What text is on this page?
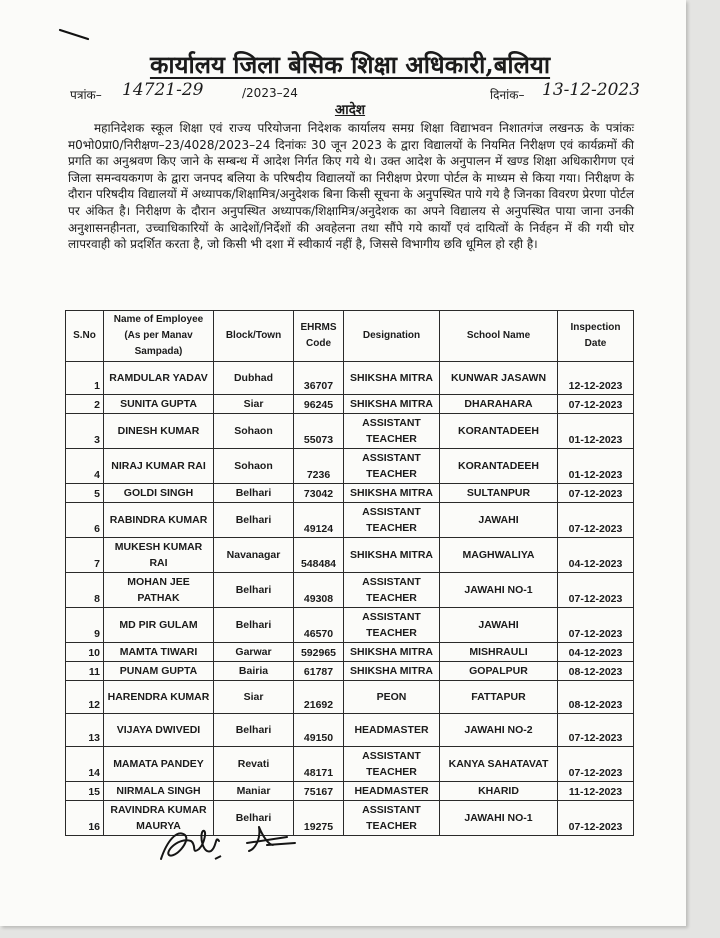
कार्यालय जिला बेसिक शिक्षा अधिकारी,बलिया
पत्रांक– 14721-29	/2023–24	दिनांक– 13-12-2023
आदेश

महानिदेशक स्कूल शिक्षा एवं राज्य परियोजना निदेशक कार्यालय समग्र शिक्षा विद्याभवन निशातगंज लखनऊ के पत्रांकः म0भो0प्रा0/निरीक्षण–23/4028/2023–24 दिनांकः 30 जून 2023 के द्वारा विद्यालयों के नियमित निरीक्षण एवं कार्यक्रमों की प्रगति का अनुश्रवण किए जाने के सम्बन्ध में आदेश निर्गत किए गये थे। उक्त आदेश के अनुपालन में खण्ड शिक्षा अधिकारीगण एवं जिला समन्वयकगण के द्वारा जनपद बलिया के परिषदीय विद्यालयों का निरीक्षण प्रेरणा पोर्टल के माध्यम से किया गया। निरीक्षण के दौरान परिषदीय विद्यालयों में अध्यापक/शिक्षामित्र/अनुदेशक बिना किसी सूचना के अनुपस्थित पाये गये है जिनका विवरण प्रेरणा पोर्टल पर अंकित है। निरीक्षण के दौरान अनुपस्थित अध्यापक/शिक्षामित्र/अनुदेशक का अपने विद्यालय से अनुपस्थित पाया जाना उनकी अनुशासनहीनता, उच्चाधिकारियों के आदेशों/निर्देशों की अवहेलना तथा सौंपे गये कार्यों एवं दायित्वों के निर्वहन में की गयी घोर लापरवाही को प्रदर्शित करता है, जो किसी भी दशा में स्वीकार्य नहीं है, जिससे विभागीय छवि धूमिल हो रही है।

S.No	Name of Employee (As per Manav Sampada)	Block/Town	EHRMS Code	Designation	School Name	Inspection Date
1	RAMDULAR YADAV	Dubhad	36707	SHIKSHA MITRA	KUNWAR JASAWN	12-12-2023
2	SUNITA GUPTA	Siar	96245	SHIKSHA MITRA	DHARAHARA	07-12-2023
3	DINESH KUMAR	Sohaon	55073	ASSISTANT TEACHER	KORANTADEEH	01-12-2023
4	NIRAJ KUMAR RAI	Sohaon	7236	ASSISTANT TEACHER	KORANTADEEH	01-12-2023
5	GOLDI SINGH	Belhari	73042	SHIKSHA MITRA	SULTANPUR	07-12-2023
6	RABINDRA KUMAR	Belhari	49124	ASSISTANT TEACHER	JAWAHI	07-12-2023
7	MUKESH KUMAR RAI	Navanagar	548484	SHIKSHA MITRA	MAGHWALIYA	04-12-2023
8	MOHAN JEE PATHAK	Belhari	49308	ASSISTANT TEACHER	JAWAHI NO-1	07-12-2023
9	MD PIR GULAM	Belhari	46570	ASSISTANT TEACHER	JAWAHI	07-12-2023
10	MAMTA TIWARI	Garwar	592965	SHIKSHA MITRA	MISHRAULI	04-12-2023
11	PUNAM GUPTA	Bairia	61787	SHIKSHA MITRA	GOPALPUR	08-12-2023
12	HARENDRA KUMAR	Siar	21692	PEON	FATTAPUR	08-12-2023
13	VIJAYA DWIVEDI	Belhari	49150	HEADMASTER	JAWAHI NO-2	07-12-2023
14	MAMATA PANDEY	Revati	48171	ASSISTANT TEACHER	KANYA SAHATAVAT	07-12-2023
15	NIRMALA SINGH	Maniar	75167	HEADMASTER	KHARID	11-12-2023
16	RAVINDRA KUMAR MAURYA	Belhari	19275	ASSISTANT TEACHER	JAWAHI NO-1	07-12-2023
